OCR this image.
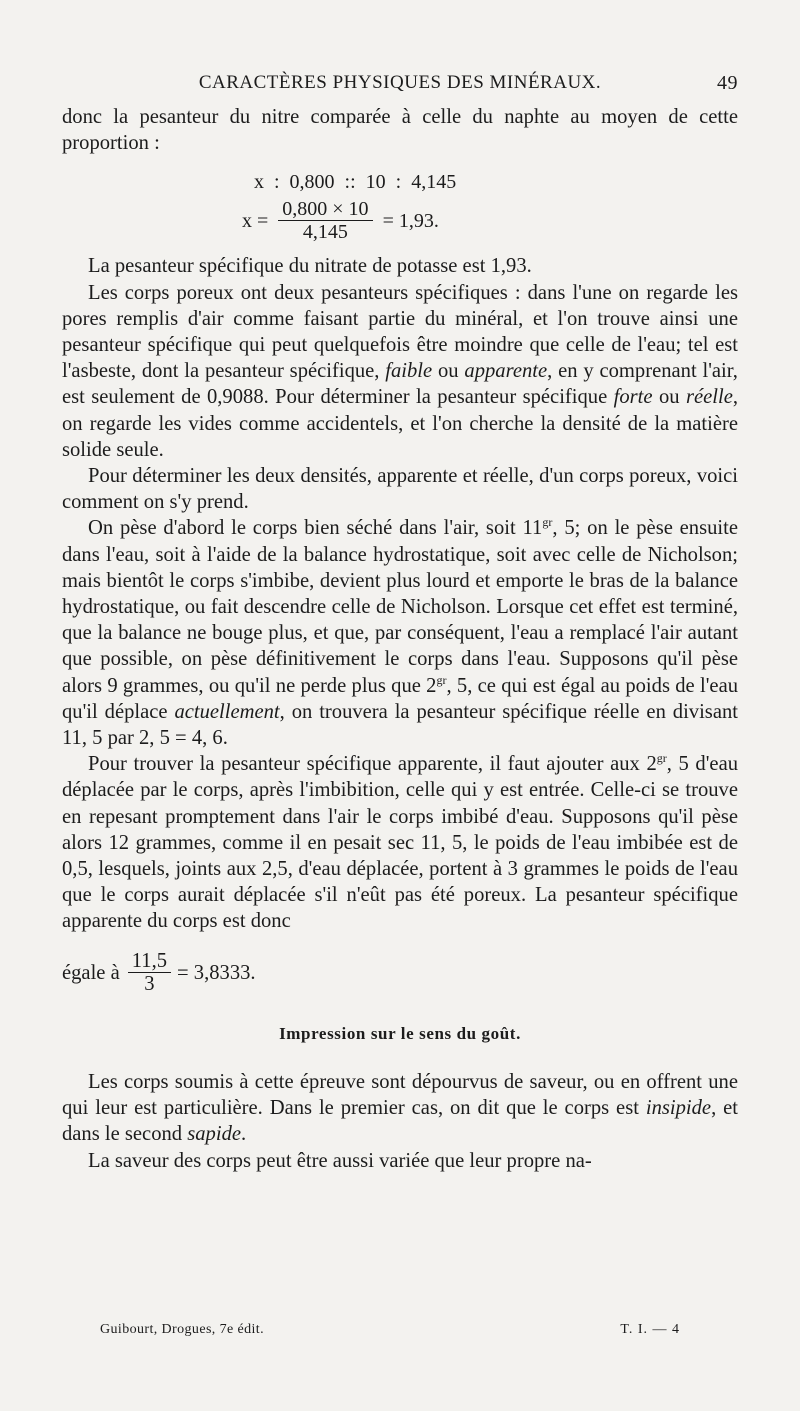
CARACTÈRES PHYSIQUES DES MINÉRAUX.	49

donc la pesanteur du nitre comparée à celle du naphte au moyen de cette proportion :

x  :  0,800  ::  10  :  4,145
$x = \frac{0,800 \times 10}{4,145} = 1,93$.

La pesanteur spécifique du nitrate de potasse est 1,93.

Les corps poreux ont deux pesanteurs spécifiques : dans l'une on regarde les pores remplis d'air comme faisant partie du minéral, et l'on trouve ainsi une pesanteur spécifique qui peut quelquefois être moindre que celle de l'eau; tel est l'asbeste, dont la pesanteur spécifique, faible ou apparente, en y comprenant l'air, est seulement de 0,9088. Pour déterminer la pesanteur spécifique forte ou réelle, on regarde les vides comme accidentels, et l'on cherche la densité de la matière solide seule.

Pour déterminer les deux densités, apparente et réelle, d'un corps poreux, voici comment on s'y prend.

On pèse d'abord le corps bien séché dans l'air, soit $11^{gr}$, 5; on le pèse ensuite dans l'eau, soit à l'aide de la balance hydrostatique, soit avec celle de Nicholson; mais bientôt le corps s'imbibe, devient plus lourd et emporte le bras de la balance hydrostatique, ou fait descendre celle de Nicholson. Lorsque cet effet est terminé, que la balance ne bouge plus, et que, par conséquent, l'eau a remplacé l'air autant que possible, on pèse définitivement le corps dans l'eau. Supposons qu'il pèse alors 9 grammes, ou qu'il ne perde plus que $2^{gr}$, 5, ce qui est égal au poids de l'eau qu'il déplace actuellement, on trouvera la pesanteur spécifique réelle en divisant 11, 5 par 2, 5 = 4, 6.

Pour trouver la pesanteur spécifique apparente, il faut ajouter aux $2^{gr}$, 5 d'eau déplacée par le corps, après l'imbibition, celle qui y est entrée. Celle-ci se trouve en repesant promptement dans l'air le corps imbibé d'eau. Supposons qu'il pèse alors 12 grammes, comme il en pesait sec 11, 5, le poids de l'eau imbibée est de 0,5, lesquels, joints aux 2,5, d'eau déplacée, portent à 3 grammes le poids de l'eau que le corps aurait déplacée s'il n'eût pas été poreux. La pesanteur spécifique apparente du corps est donc

égale à $\frac{11,5}{3} = 3,8333$.
Impression sur le sens du goût.

Les corps soumis à cette épreuve sont dépourvus de saveur, ou en offrent une qui leur est particulière. Dans le premier cas, on dit que le corps est insipide, et dans le second sapide.

La saveur des corps peut être aussi variée que leur propre na-

Guibourt, Drogues, 7e édit.	T. I. — 4
